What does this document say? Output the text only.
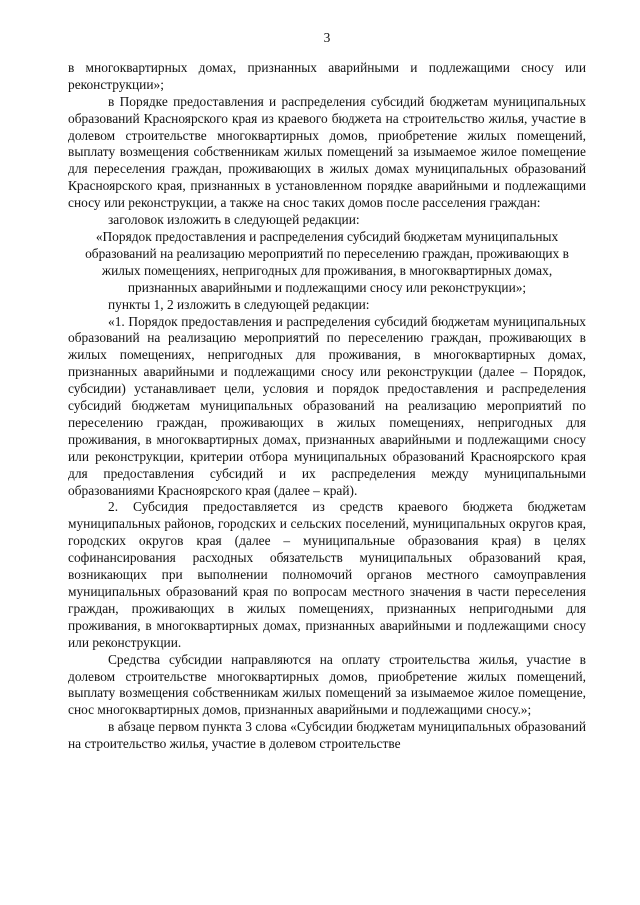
3

в многоквартирных домах, признанных аварийными и подлежащими сносу или реконструкции»;

в Порядке предоставления и распределения субсидий бюджетам муниципальных образований Красноярского края из краевого бюджета на строительство жилья, участие в долевом строительстве многоквартирных домов, приобретение жилых помещений, выплату возмещения собственникам жилых помещений за изымаемое жилое помещение для переселения граждан, проживающих в жилых домах муниципальных образований Красноярского края, признанных в установленном порядке аварийными и подлежащими сносу или реконструкции, а также на снос таких домов после расселения граждан:

заголовок изложить в следующей редакции:

«Порядок предоставления и распределения субсидий бюджетам муниципальных образований на реализацию мероприятий по переселению граждан, проживающих в жилых помещениях, непригодных для проживания, в многоквартирных домах, признанных аварийными и подлежащими сносу или реконструкции»;

пункты 1, 2 изложить в следующей редакции:

«1. Порядок предоставления и распределения субсидий бюджетам муниципальных образований на реализацию мероприятий по переселению граждан, проживающих в жилых помещениях, непригодных для проживания, в многоквартирных домах, признанных аварийными и подлежащими сносу или реконструкции (далее – Порядок, субсидии) устанавливает цели, условия и порядок предоставления и распределения субсидий бюджетам муниципальных образований на реализацию мероприятий по переселению граждан, проживающих в жилых помещениях, непригодных для проживания, в многоквартирных домах, признанных аварийными и подлежащими сносу или реконструкции, критерии отбора муниципальных образований Красноярского края для предоставления субсидий и их распределения между муниципальными образованиями Красноярского края (далее – край).

2. Субсидия предоставляется из средств краевого бюджета бюджетам муниципальных районов, городских и сельских поселений, муниципальных округов края, городских округов края (далее – муниципальные образования края) в целях софинансирования расходных обязательств муниципальных образований края, возникающих при выполнении полномочий органов местного самоуправления муниципальных образований края по вопросам местного значения в части переселения граждан, проживающих в жилых помещениях, признанных непригодными для проживания, в многоквартирных домах, признанных аварийными и подлежащими сносу или реконструкции.

Средства субсидии направляются на оплату строительства жилья, участие в долевом строительстве многоквартирных домов, приобретение жилых помещений, выплату возмещения собственникам жилых помещений за изымаемое жилое помещение, снос многоквартирных домов, признанных аварийными и подлежащими сносу.»;

в абзаце первом пункта 3 слова «Субсидии бюджетам муниципальных образований на строительство жилья, участие в долевом строительстве
